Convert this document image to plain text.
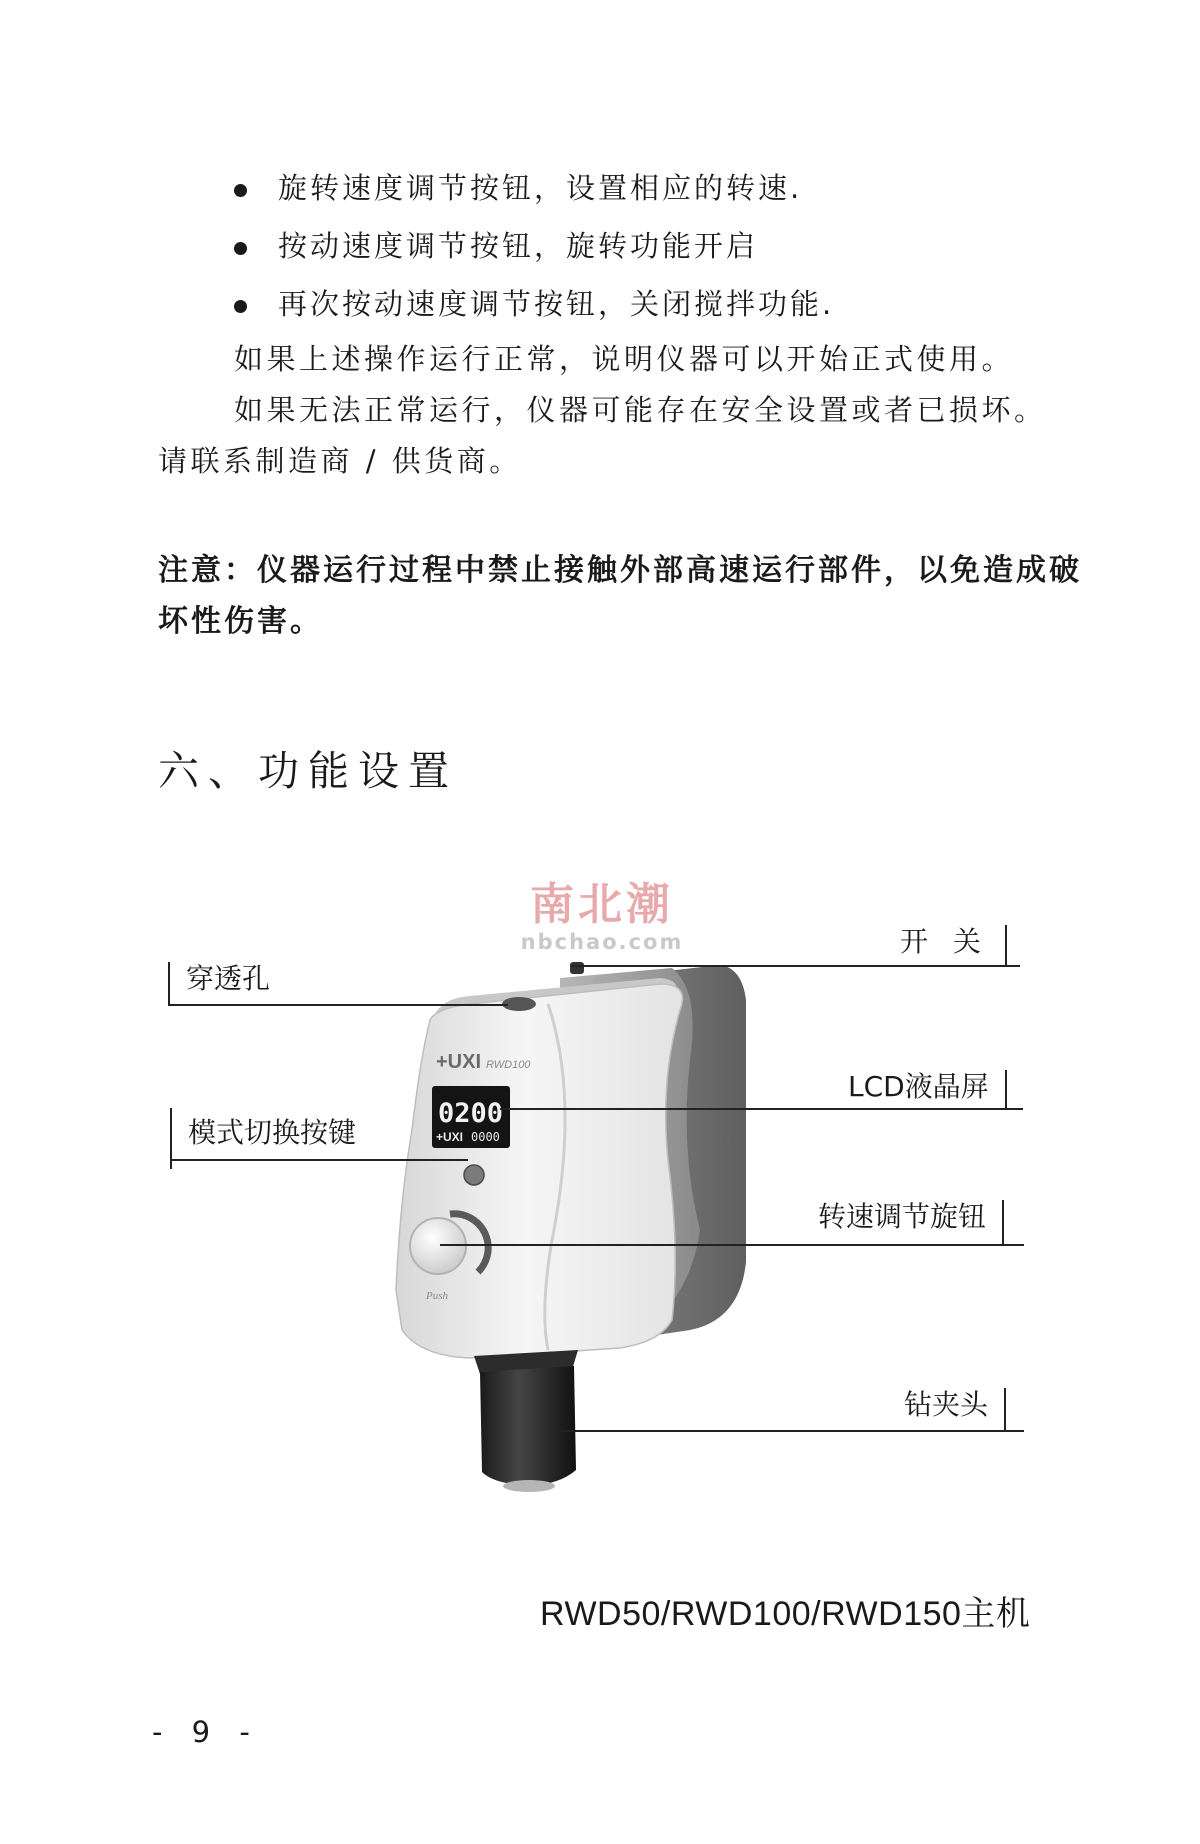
旋转速度调节按钮，设置相应的转速.
按动速度调节按钮，旋转功能开启
再次按动速度调节按钮，关闭搅拌功能.
如果上述操作运行正常，说明仪器可以开始正式使用。
如果无法正常运行，仪器可能存在安全设置或者已损坏。
请联系制造商 / 供货商。
注意：仪器运行过程中禁止接触外部高速运行部件，以免造成破坏性伤害。
六、功能设置
南北潮
nbchao.com
+UXI RWD100
0200
0000
+UXI
Push
开 关
穿透孔
LCD液晶屏
模式切换按键
转速调节旋钮
钻夹头
RWD50/RWD100/RWD150主机
- 9 -
